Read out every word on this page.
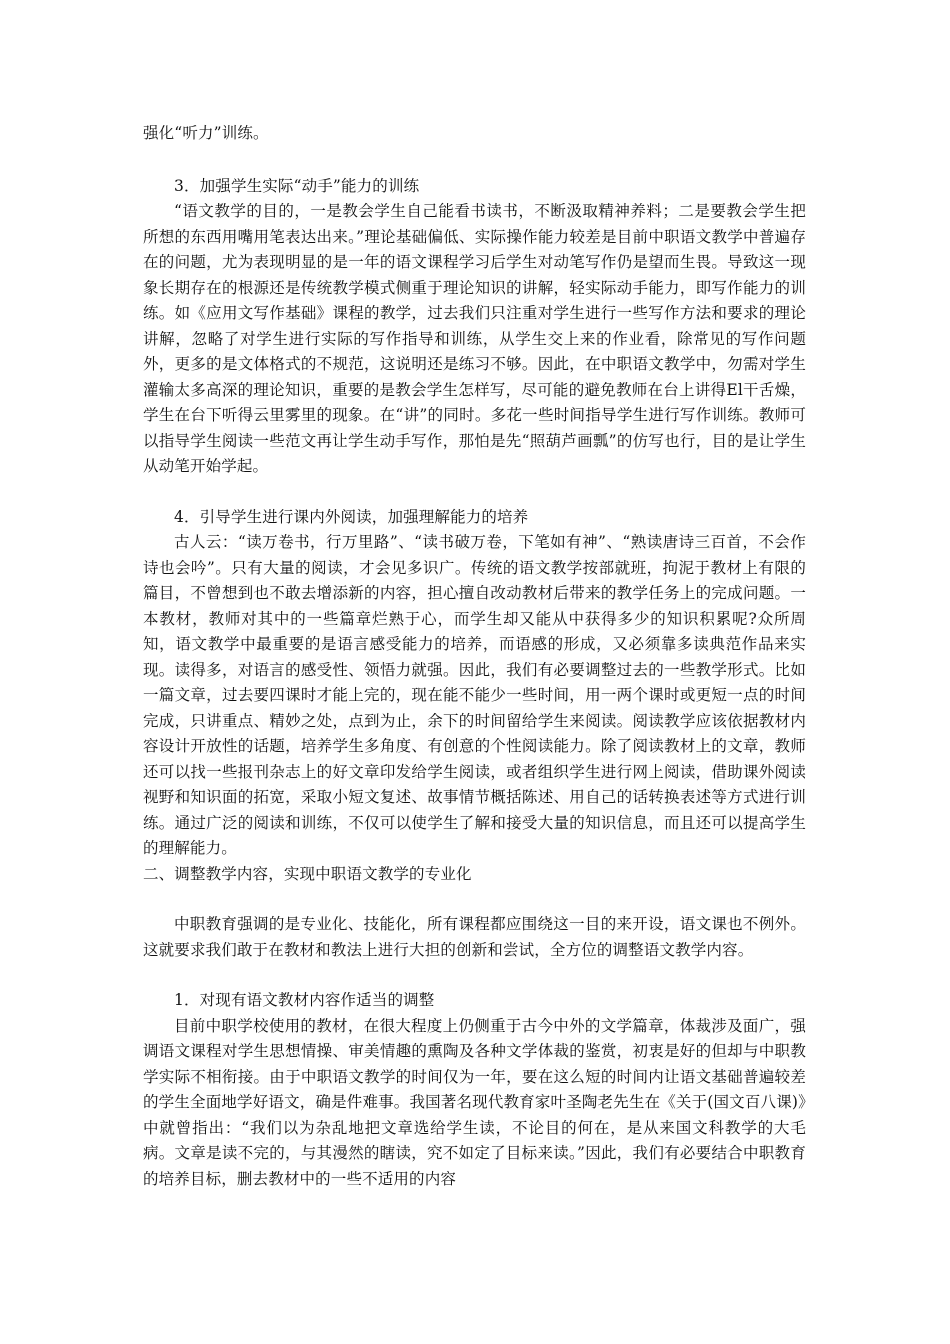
强化“听力”训练。

3．加强学生实际“动手”能力的训练

“语文教学的目的，一是教会学生自己能看书读书，不断汲取精神养料；二是要教会学生把所想的东西用嘴用笔表达出来。”理论基础偏低、实际操作能力较差是目前中职语文教学中普遍存在的问题，尤为表现明显的是一年的语文课程学习后学生对动笔写作仍是望而生畏。导致这一现象长期存在的根源还是传统教学模式侧重于理论知识的讲解，轻实际动手能力，即写作能力的训练。如《应用文写作基础》课程的教学，过去我们只注重对学生进行一些写作方法和要求的理论讲解，忽略了对学生进行实际的写作指导和训练，从学生交上来的作业看，除常见的写作问题外，更多的是文体格式的不规范，这说明还是练习不够。因此，在中职语文教学中，勿需对学生灌输太多高深的理论知识，重要的是教会学生怎样写，尽可能的避免教师在台上讲得El干舌燥，学生在台下听得云里雾里的现象。在“讲”的同时。多花一些时间指导学生进行写作训练。教师可以指导学生阅读一些范文再让学生动手写作，那怕是先“照葫芦画瓢”的仿写也行，目的是让学生从动笔开始学起。

4．引导学生进行课内外阅读，加强理解能力的培养

古人云：“读万卷书，行万里路”、“读书破万卷，下笔如有神”、“熟读唐诗三百首，不会作诗也会吟”。只有大量的阅读，才会见多识广。传统的语文教学按部就班，拘泥于教材上有限的篇目，不曾想到也不敢去增添新的内容，担心擅自改动教材后带来的教学任务上的完成问题。一本教材，教师对其中的一些篇章烂熟于心，而学生却又能从中获得多少的知识积累呢?众所周知，语文教学中最重要的是语言感受能力的培养，而语感的形成，又必须靠多读典范作品来实现。读得多，对语言的感受性、领悟力就强。因此，我们有必要调整过去的一些教学形式。比如一篇文章，过去要四课时才能上完的，现在能不能少一些时间，用一两个课时或更短一点的时间完成，只讲重点、精妙之处，点到为止，余下的时间留给学生来阅读。阅读教学应该依据教材内容设计开放性的话题，培养学生多角度、有创意的个性阅读能力。除了阅读教材上的文章，教师还可以找一些报刊杂志上的好文章印发给学生阅读，或者组织学生进行网上阅读，借助课外阅读视野和知识面的拓宽，采取小短文复述、故事情节概括陈述、用自己的话转换表述等方式进行训练。通过广泛的阅读和训练，不仅可以使学生了解和接受大量的知识信息，而且还可以提高学生的理解能力。

二、调整教学内容，实现中职语文教学的专业化

中职教育强调的是专业化、技能化，所有课程都应围绕这一目的来开设，语文课也不例外。这就要求我们敢于在教材和教法上进行大担的创新和尝试，全方位的调整语文教学内容。

1．对现有语文教材内容作适当的调整

目前中职学校使用的教材，在很大程度上仍侧重于古今中外的文学篇章，体裁涉及面广，强调语文课程对学生思想情操、审美情趣的熏陶及各种文学体裁的鉴赏，初衷是好的但却与中职教学实际不相衔接。由于中职语文教学的时间仅为一年，要在这么短的时间内让语文基础普遍较差的学生全面地学好语文，确是件难事。我国著名现代教育家叶圣陶老先生在《关于(国文百八课)》中就曾指出：“我们以为杂乱地把文章选给学生读，不论目的何在，是从来国文科教学的大毛病。文章是读不完的，与其漫然的瞎读，究不如定了目标来读。”因此，我们有必要结合中职教育的培养目标，删去教材中的一些不适用的内容
